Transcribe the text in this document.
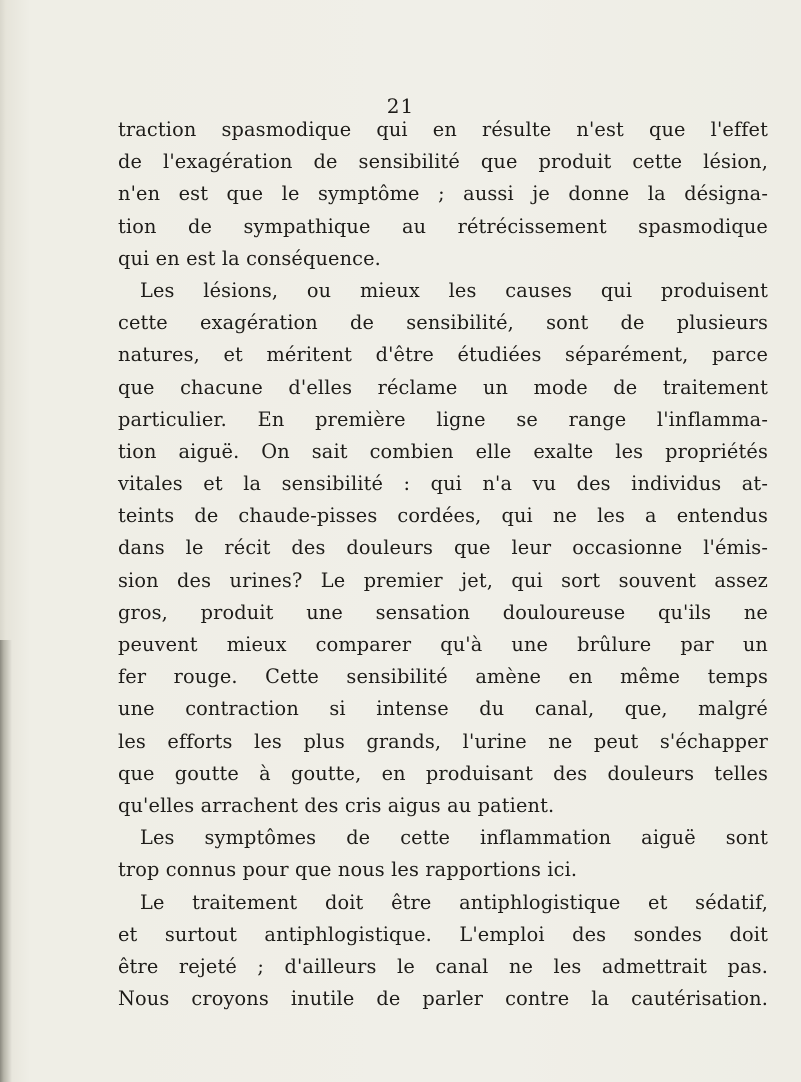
21
traction spasmodique qui en résulte n'est que l'effet
de l'exagération de sensibilité que produit cette lésion,
n'en est que le symptôme ; aussi je donne la désigna-
tion de sympathique au rétrécissement spasmodique
qui en est la conséquence.
Les lésions, ou mieux les causes qui produisent
cette exagération de sensibilité, sont de plusieurs
natures, et méritent d'être étudiées séparément, parce
que chacune d'elles réclame un mode de traitement
particulier. En première ligne se range l'inflamma-
tion aiguë. On sait combien elle exalte les propriétés
vitales et la sensibilité : qui n'a vu des individus at-
teints de chaude-pisses cordées, qui ne les a entendus
dans le récit des douleurs que leur occasionne l'émis-
sion des urines? Le premier jet, qui sort souvent assez
gros, produit une sensation douloureuse qu'ils ne
peuvent mieux comparer qu'à une brûlure par un
fer rouge. Cette sensibilité amène en même temps
une contraction si intense du canal, que, malgré
les efforts les plus grands, l'urine ne peut s'échapper
que goutte à goutte, en produisant des douleurs telles
qu'elles arrachent des cris aigus au patient.
Les symptômes de cette inflammation aiguë sont
trop connus pour que nous les rapportions ici.
Le traitement doit être antiphlogistique et sédatif,
et surtout antiphlogistique. L'emploi des sondes doit
être rejeté ; d'ailleurs le canal ne les admettrait pas.
Nous croyons inutile de parler contre la cautérisation.
